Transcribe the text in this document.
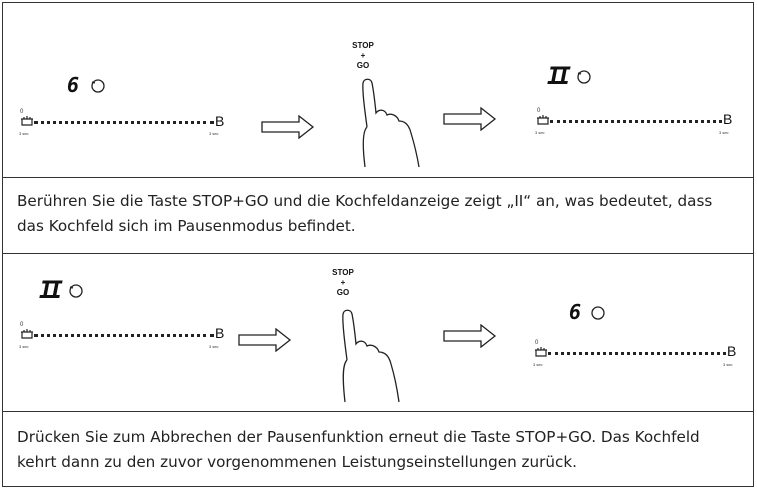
6
0
B
3 sec	3 sec
STOP
+
GO	II
0	B
3 sec	3 sec
Berühren Sie die Taste STOP+GO und die Kochfeldanzeige zeigt „II“ an, was bedeutet, dass das Kochfeld sich im Pausenmodus befindet.
II
0	B
3 sec	3 sec
STOP
+
GO
6
0	B
3 sec	3 sec
Drücken Sie zum Abbrechen der Pausenfunktion erneut die Taste STOP+GO. Das Kochfeld kehrt dann zu den zuvor vorgenommenen Leistungseinstellungen zurück.
